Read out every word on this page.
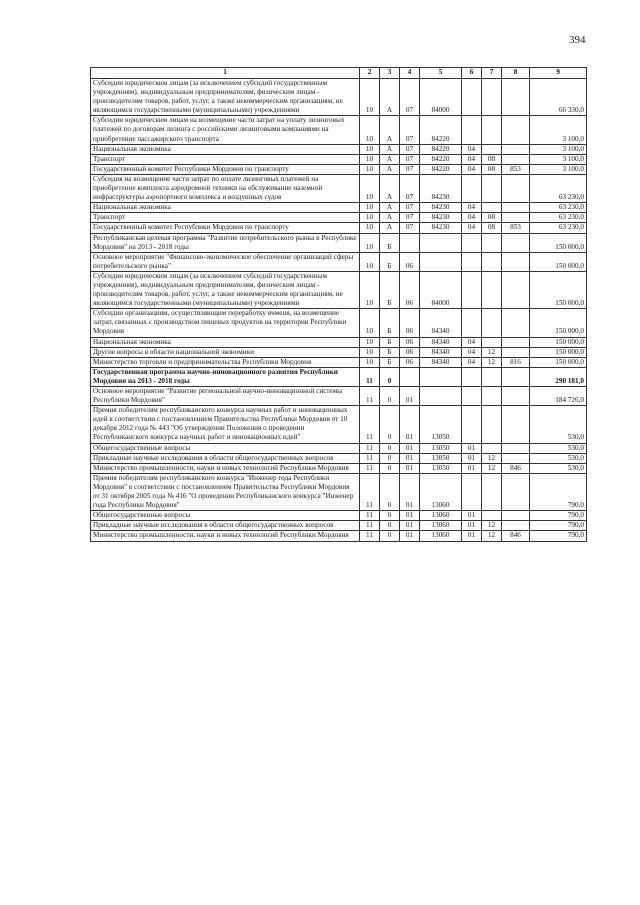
394
1	2	3	4	5	6	7	8	9
Субсидии юридическим лицам (за исключением субсидий государственным учреждениям), индивидуальным предпринимателям, физическим лицам - производителям товаров, работ, услуг, а также некоммерческим организациям, не являющимся государственными (муниципальными) учреждениями	10	А	07	84000				66 330,0
Субсидии юридическим лицам на возмещение части затрат на уплату лизинговых платежей по договорам лизинга с российскими лизинговыми компаниями на приобретение пассажирского транспорта	10	А	07	84220				3 100,0
Национальная экономика	10	А	07	84220	04			3 100,0
Транспорт	10	А	07	84220	04	08		3 100,0
Государственный комитет Республики Мордовия по транспорту	10	А	07	84220	04	08	853	3 100,0
Субсидия на возмещение части затрат по оплате лизинговых платежей на приобретение комплекта аэродромной техники на обслуживание наземной инфраструктуры аэропортного комплекса и воздушных судов	10	А	07	84230				63 230,0
Национальная экономика	10	А	07	84230	04			63 230,0
Транспорт	10	А	07	84230	04	08		63 230,0
Государственный комитет Республики Мордовия по транспорту	10	А	07	84230	04	08	853	63 230,0
Республиканская целевая программа "Развитие потребительского рынка в Республике Мордовия" на 2013 - 2018 годы	10	Б						150 000,0
Основное мероприятие "Финансово-экономическое обеспечение организаций сферы потребительского рынка"	10	Б	06					150 000,0
Субсидии юридическим лицам (за исключением субсидий государственным учреждениям), индивидуальным предпринимателям, физическим лицам - производителям товаров, работ, услуг, а также некоммерческим организациям, не являющимся государственными (муниципальными) учреждениями	10	Б	06	84000				150 000,0
Субсидии организациям, осуществляющим переработку ячменя, на возмещение затрат, связанных с производством пищевых продуктов на территории Республики Мордовия	10	Б	06	84340				150 000,0
Национальная экономика	10	Б	06	84340	04			150 000,0
Другие вопросы в области национальной экономики	10	Б	06	84340	04	12		150 000,0
Министерство торговли и предпринимательства Республики Мордовия	10	Б	06	84340	04	12	816	150 000,0
Государственная программа научно-инновационного развития Республики Мордовия на 2013 - 2018 годы	11	0						290 181,0
Основное мероприятие "Развитие региональной научно-инновационной системы Республики Мордовия"	11	0	01					184 726,0
Премия победителям республиканского конкурса научных работ и инновационных идей в соответствии с постановлением Правительства Республики Мордовия от 10 декабря 2012 года № 443 "Об утверждении Положения о проведении Республиканского конкурса научных работ и инновационных идей"	11	0	01	13050				530,0
Общегосударственные вопросы	11	0	01	13050	01			530,0
Прикладные научные исследования в области общегосударственных вопросов	11	0	01	13050	01	12		530,0
Министерство промышленности, науки и новых технологий Республики Мордовия	11	0	01	13050	01	12	846	530,0
Премия победителям республиканского конкурса "Инженер года Республики Мордовия" в соответствии с постановлением Правительства Республики Мордовия от 31 октября 2005 года № 416 "О проведении Республиканского конкурса "Инженер года Республики Мордовия"	11	0	01	13060				790,0
Общегосударственные вопросы	11	0	01	13060	01			790,0
Прикладные научные исследования в области общегосударственных вопросов	11	0	01	13060	01	12		790,0
Министерство промышленности, науки и новых технологий Республики Мордовия	11	0	01	13060	01	12	846	790,0
